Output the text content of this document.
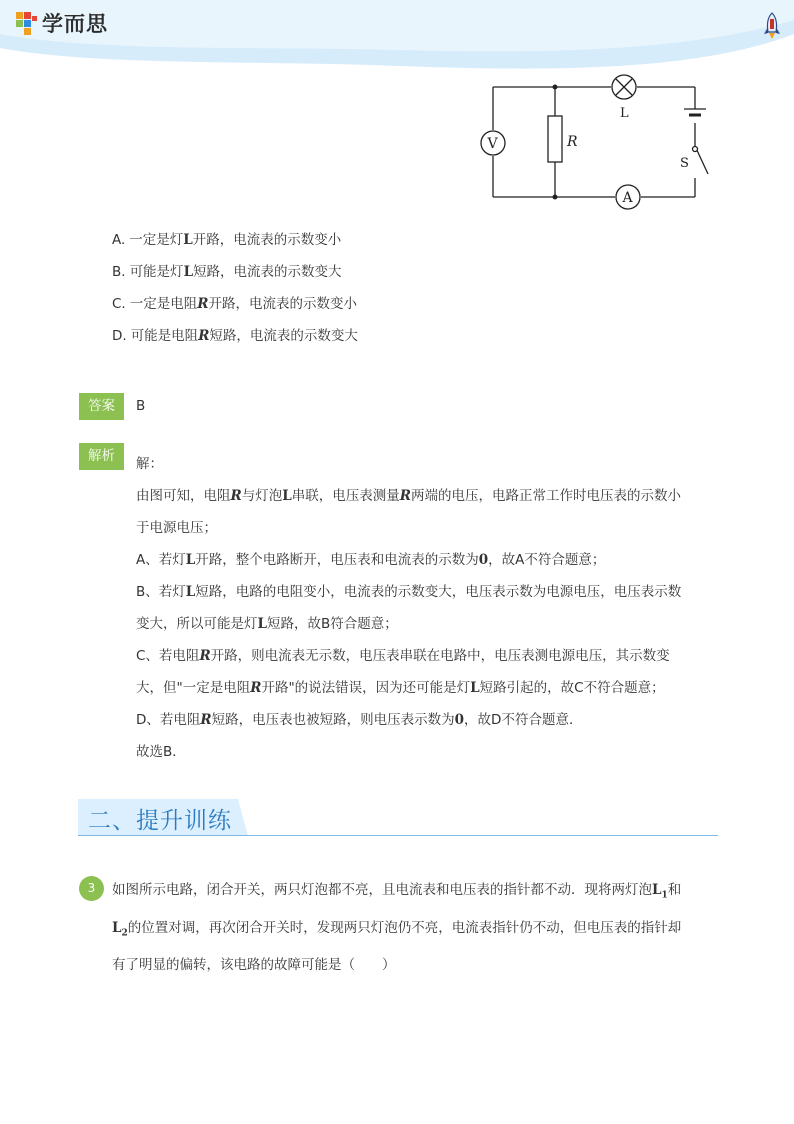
学而思
V
A
R
L
S
A. 一定是灯L开路，电流表的示数变小
B. 可能是灯L短路，电流表的示数变大
C. 一定是电阻R开路，电流表的示数变小
D. 可能是电阻R短路，电流表的示数变大
答案	B
解析	解：

由图可知，电阻R与灯泡L串联，电压表测量R两端的电压，电路正常工作时电压表的示数小

于电源电压；

A、若灯L开路，整个电路断开，电压表和电流表的示数为0，故A不符合题意；

B、若灯L短路，电路的电阻变小，电流表的示数变大，电压表示数为电源电压，电压表示数

变大，所以可能是灯L短路，故B符合题意；

C、若电阻R开路，则电流表无示数，电压表串联在电路中，电压表测电源电压，其示数变

大，但"一定是电阻R开路"的说法错误，因为还可能是灯L短路引起的，故C不符合题意；

D、若电阻R短路，电压表也被短路，则电压表示数为0，故D不符合题意．

故选B．

二、提升训练
3	如图所示电路，闭合开关，两只灯泡都不亮，且电流表和电压表的指针都不动．现将两灯泡$L_1$和

$L_2$的位置对调，再次闭合开关时，发现两只灯泡仍不亮，电流表指针仍不动，但电压表的指针却

有了明显的偏转，该电路的故障可能是（　　）
